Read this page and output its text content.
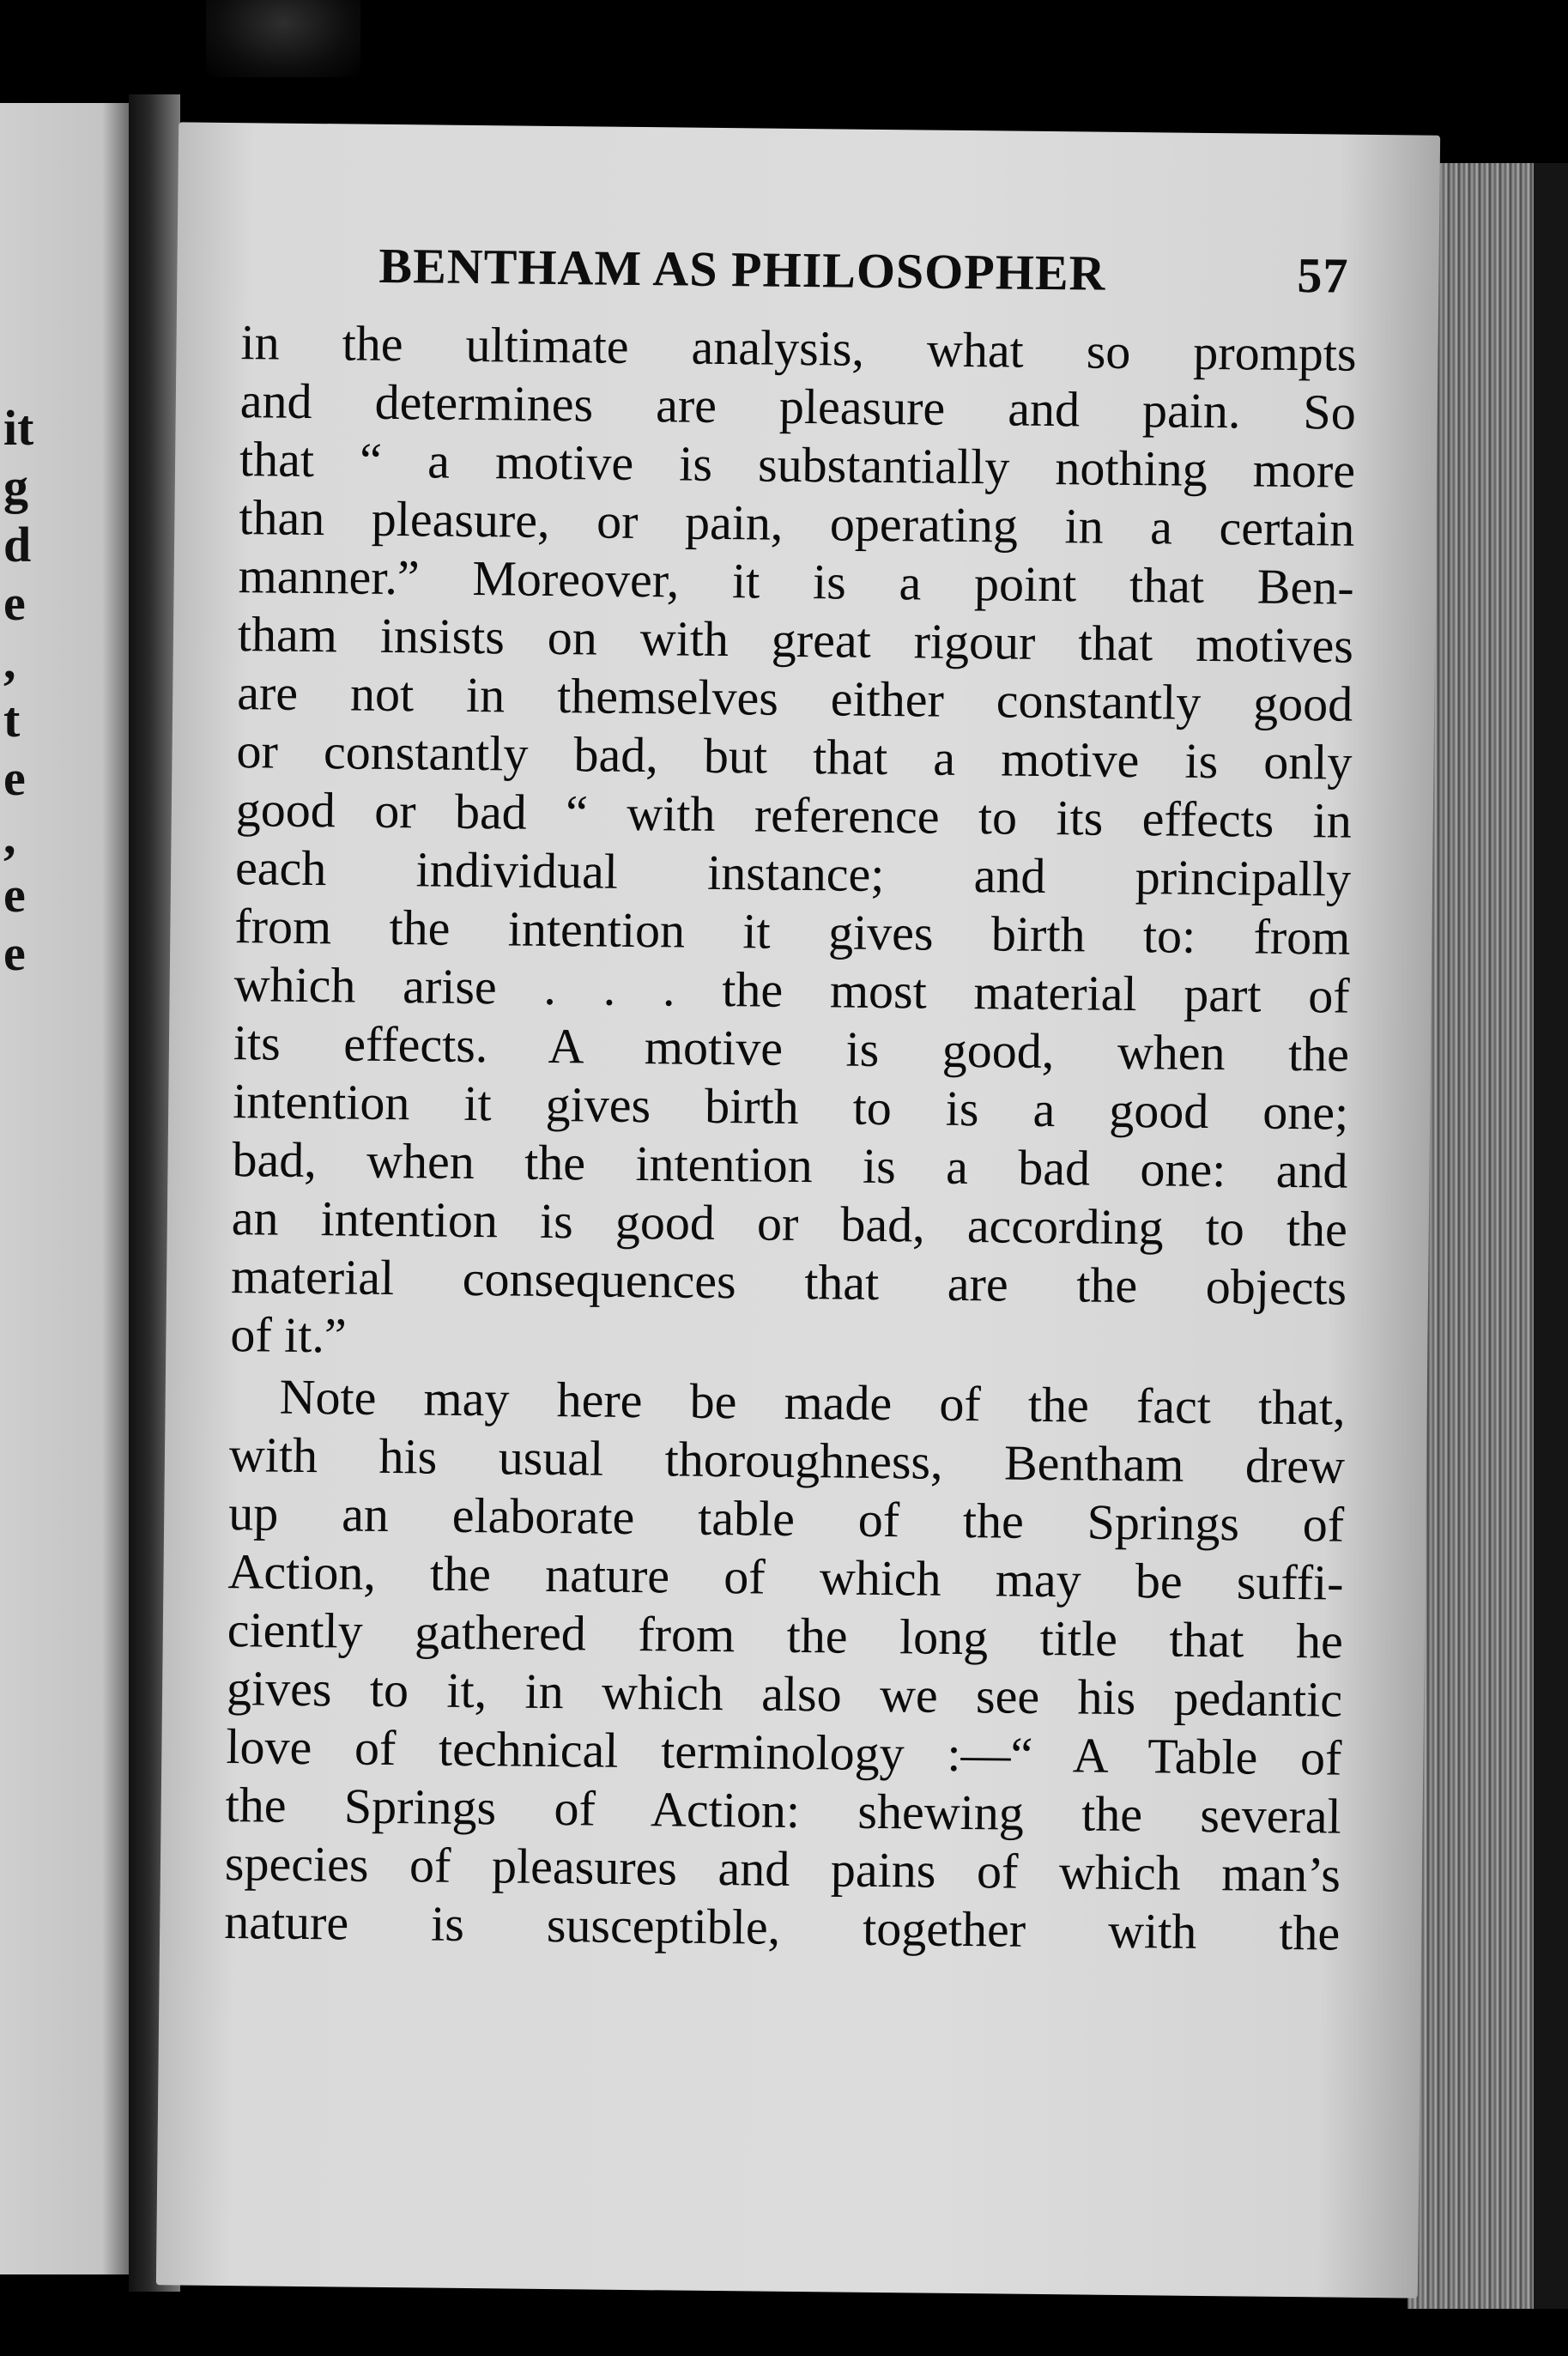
it
g
d
e
,
t
e
,
e
e
BENTHAM AS PHILOSOPHER	57

in the ultimate analysis, what so prompts
and determines are pleasure and pain. So
that “ a motive is substantially nothing more
than pleasure, or pain, operating in a certain
manner.” Moreover, it is a point that Ben-
tham insists on with great rigour that motives
are not in themselves either constantly good
or constantly bad, but that a motive is only
good or bad “ with reference to its effects in
each individual instance; and principally
from the intention it gives birth to: from
which arise . . . the most material part of
its effects. A motive is good, when the
intention it gives birth to is a good one;
bad, when the intention is a bad one: and
an intention is good or bad, according to the
material consequences that are the objects
of it.”

Note may here be made of the fact that,
with his usual thoroughness, Bentham drew
up an elaborate table of the Springs of
Action, the nature of which may be suffi-
ciently gathered from the long title that he
gives to it, in which also we see his pedantic
love of technical terminology :—“ A Table of
the Springs of Action: shewing the several
species of pleasures and pains of which man’s
nature is susceptible, together with the
